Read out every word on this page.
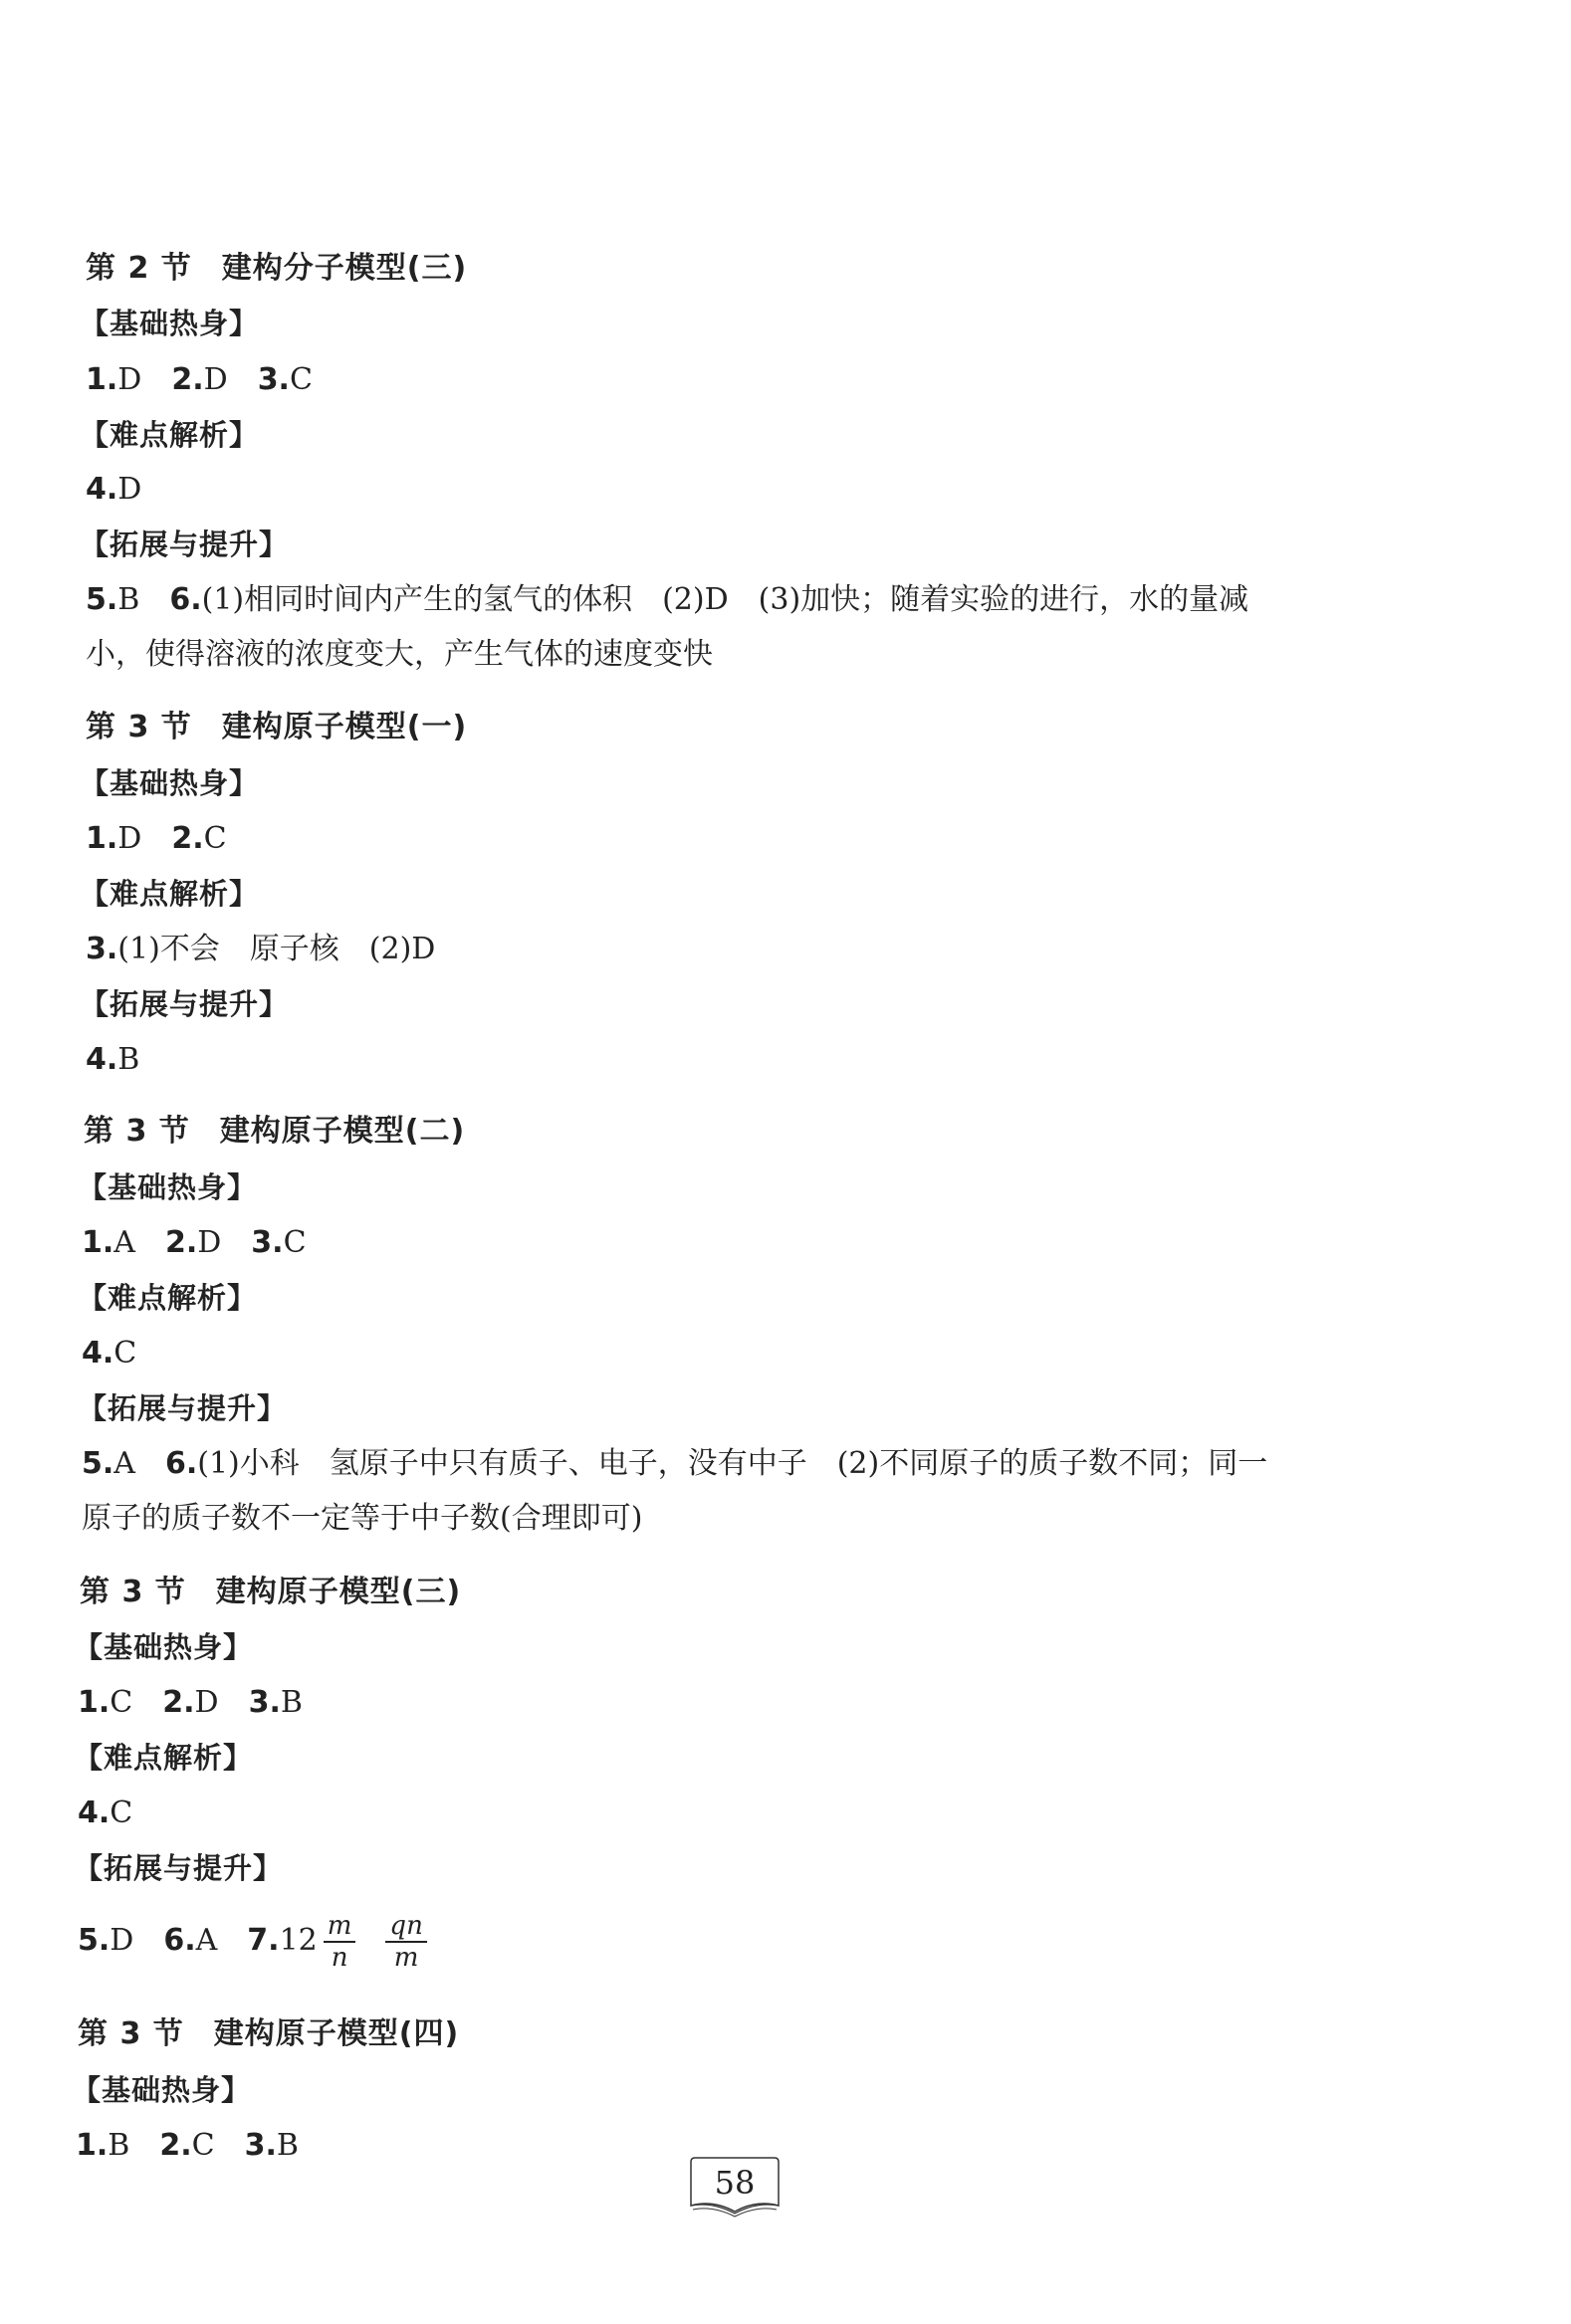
第 2 节 建构分子模型(三)
【基础热身】
1.D 2.D 3.C
【难点解析】
4.D
【拓展与提升】
5.B 6.(1)相同时间内产生的氢气的体积　(2)D　(3)加快；随着实验的进行，水的量减
小，使得溶液的浓度变大，产生气体的速度变快
第 3 节 建构原子模型(一)
【基础热身】
1.D 2.C
【难点解析】
3.(1)不会　原子核　(2)D
【拓展与提升】
4.B
第 3 节 建构原子模型(二)
【基础热身】
1.A 2.D 3.C
【难点解析】
4.C
【拓展与提升】
5.A 6.(1)小科　氢原子中只有质子、电子，没有中子　(2)不同原子的质子数不同；同一
原子的质子数不一定等于中子数(合理即可)
第 3 节 建构原子模型(三)
【基础热身】
1.C 2.D 3.B
【难点解析】
4.C
【拓展与提升】
5.D 6.A $7.12 \frac{m}{n} \frac{qn}{m}$
第 3 节 建构原子模型(四)
【基础热身】
1.B 2.C 3.B
58
